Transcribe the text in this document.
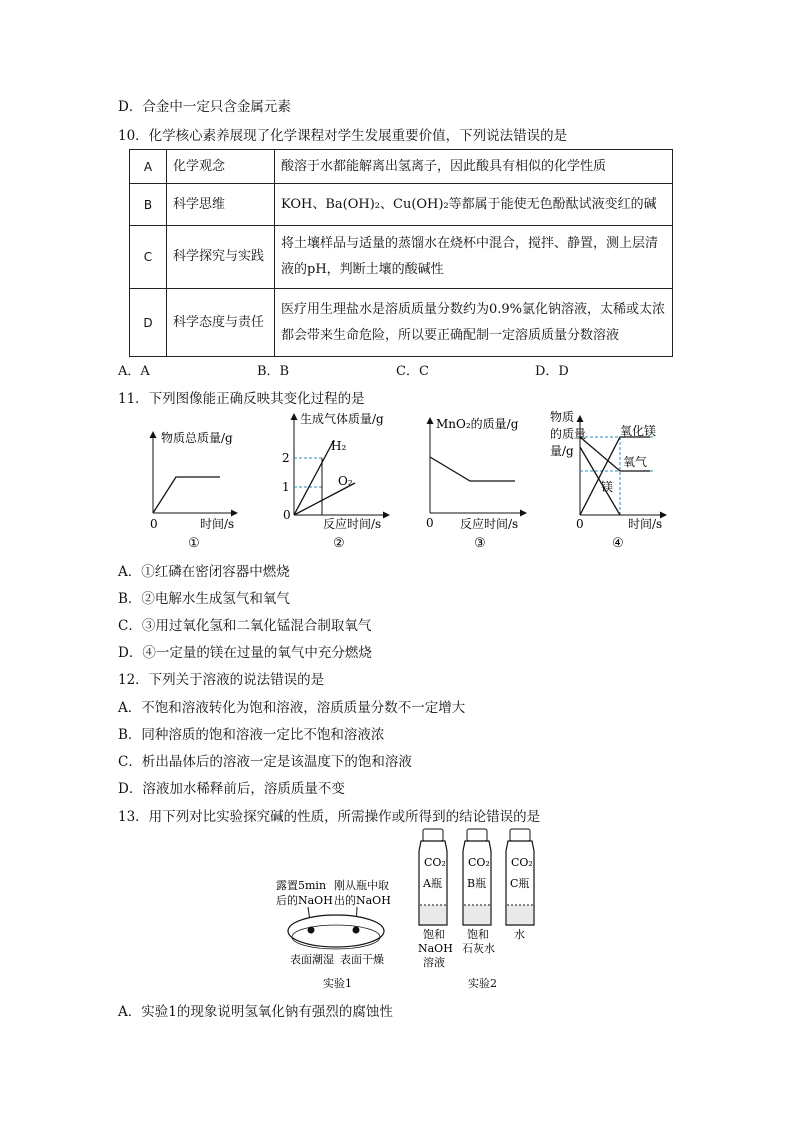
D．合金中一定只含金属元素
10．化学核心素养展现了化学课程对学生发展重要价值，下列说法错误的是
A	化学观念	酸溶于水都能解离出氢离子，因此酸具有相似的化学性质
B	科学思维	KOH、Ba(OH)₂、Cu(OH)₂等都属于能使无色酚酞试液变红的碱
C	科学探究与实践	将土壤样品与适量的蒸馏水在烧杯中混合，搅拌、静置，测上层清液的pH，判断土壤的酸碱性
D	科学态度与责任	医疗用生理盐水是溶质质量分数约为0.9%氯化钠溶液，太稀或太浓都会带来生命危险，所以要正确配制一定溶质质量分数溶液
A．A	B．B	C．C	D．D
11．下列图像能正确反映其变化过程的是
物质总质量/g
0	时间/s
①
生成气体质量/g
2
1
0
H₂
O₂
反应时间/s
②
MnO₂的质量/g
0 反应时间/s
③
物质
的质量
量/g
氧化镁
氧气
镁
0	时间/s
④
A．①红磷在密闭容器中燃烧
B．②电解水生成氢气和氧气
C．③用过氧化氢和二氧化锰混合制取氧气
D．④一定量的镁在过量的氧气中充分燃烧
12．下列关于溶液的说法错误的是
A．不饱和溶液转化为饱和溶液，溶质质量分数不一定增大
B．同种溶质的饱和溶液一定比不饱和溶液浓
C．析出晶体后的溶液一定是该温度下的饱和溶液
D．溶液加水稀释前后，溶质质量不变
13．用下列对比实验探究碱的性质，所需操作或所得到的结论错误的是
露置5min
后的NaOH
刚从瓶中取
出的NaOH
表面潮湿 表面干燥
实验1
CO₂
A瓶
饱和
NaOH
溶液
CO₂
B瓶
饱和
石灰水
CO₂
C瓶
水
实验2
A．实验1的现象说明氢氧化钠有强烈的腐蚀性
